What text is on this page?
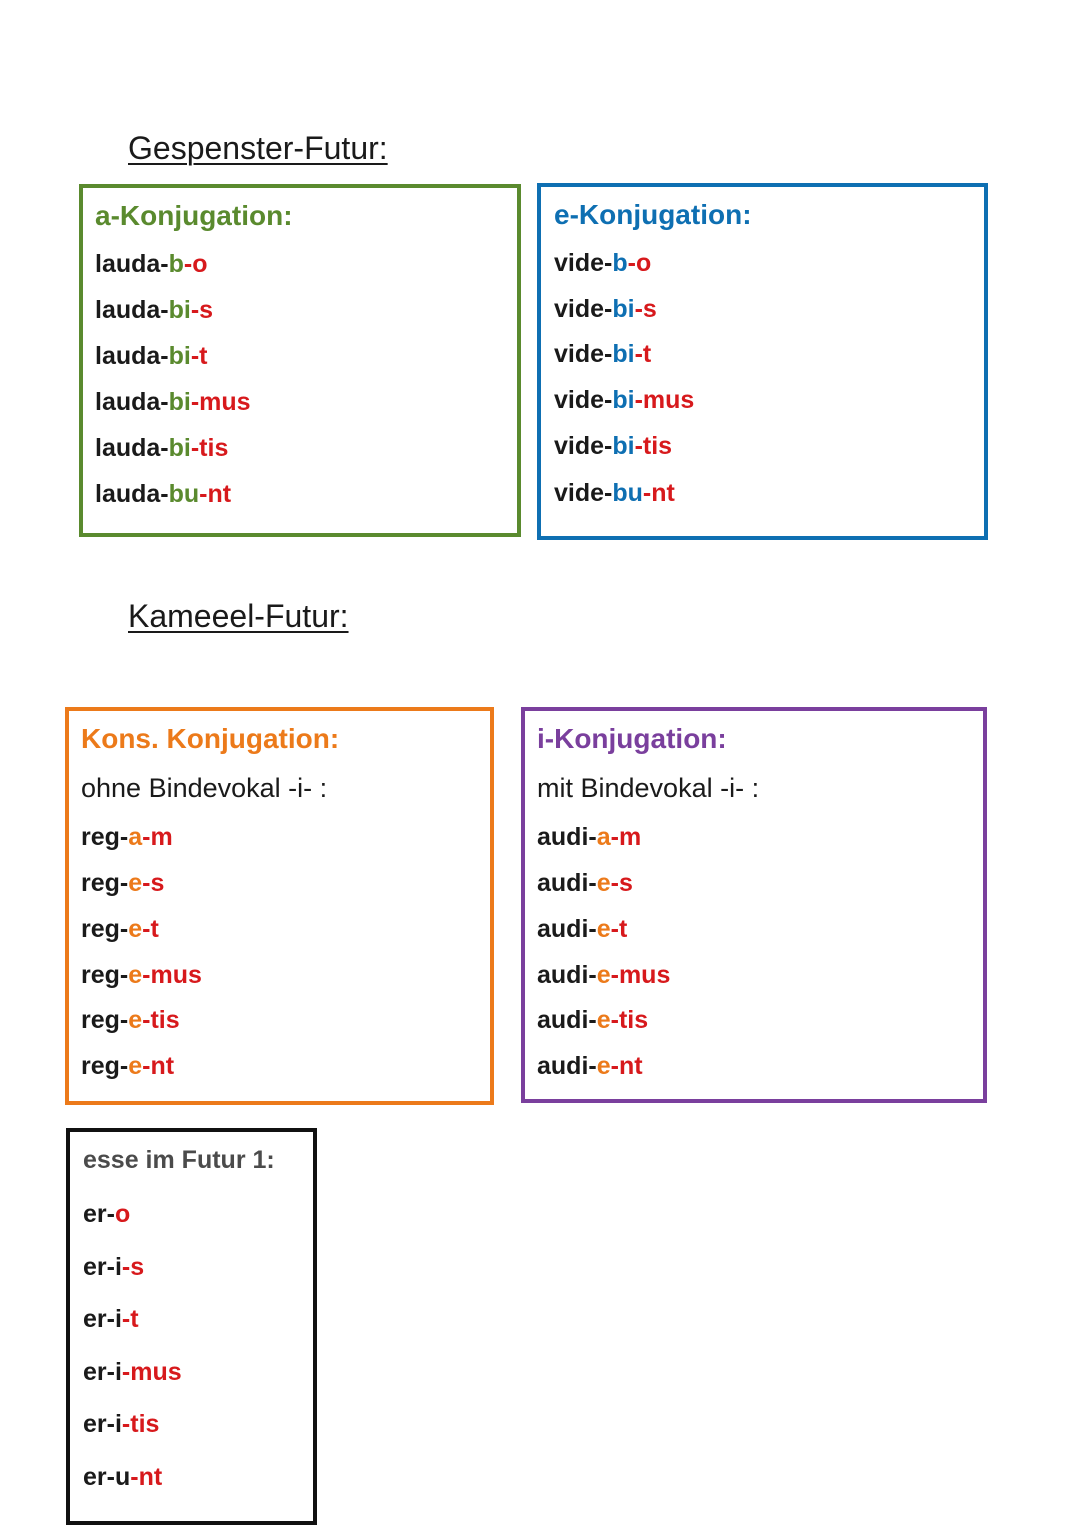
Gespenster-Futur:
a-Konjugation:
lauda-b-o
lauda-bi-s
lauda-bi-t
lauda-bi-mus
lauda-bi-tis
lauda-bu-nt
e-Konjugation:
vide-b-o
vide-bi-s
vide-bi-t
vide-bi-mus
vide-bi-tis
vide-bu-nt
Kameeel-Futur:
Kons. Konjugation:
ohne Bindevokal -i- :
reg-a-m
reg-e-s
reg-e-t
reg-e-mus
reg-e-tis
reg-e-nt
i-Konjugation:
mit Bindevokal -i- :
audi-a-m
audi-e-s
audi-e-t
audi-e-mus
audi-e-tis
audi-e-nt
esse im Futur 1:
er-o
er-i-s
er-i-t
er-i-mus
er-i-tis
er-u-nt
